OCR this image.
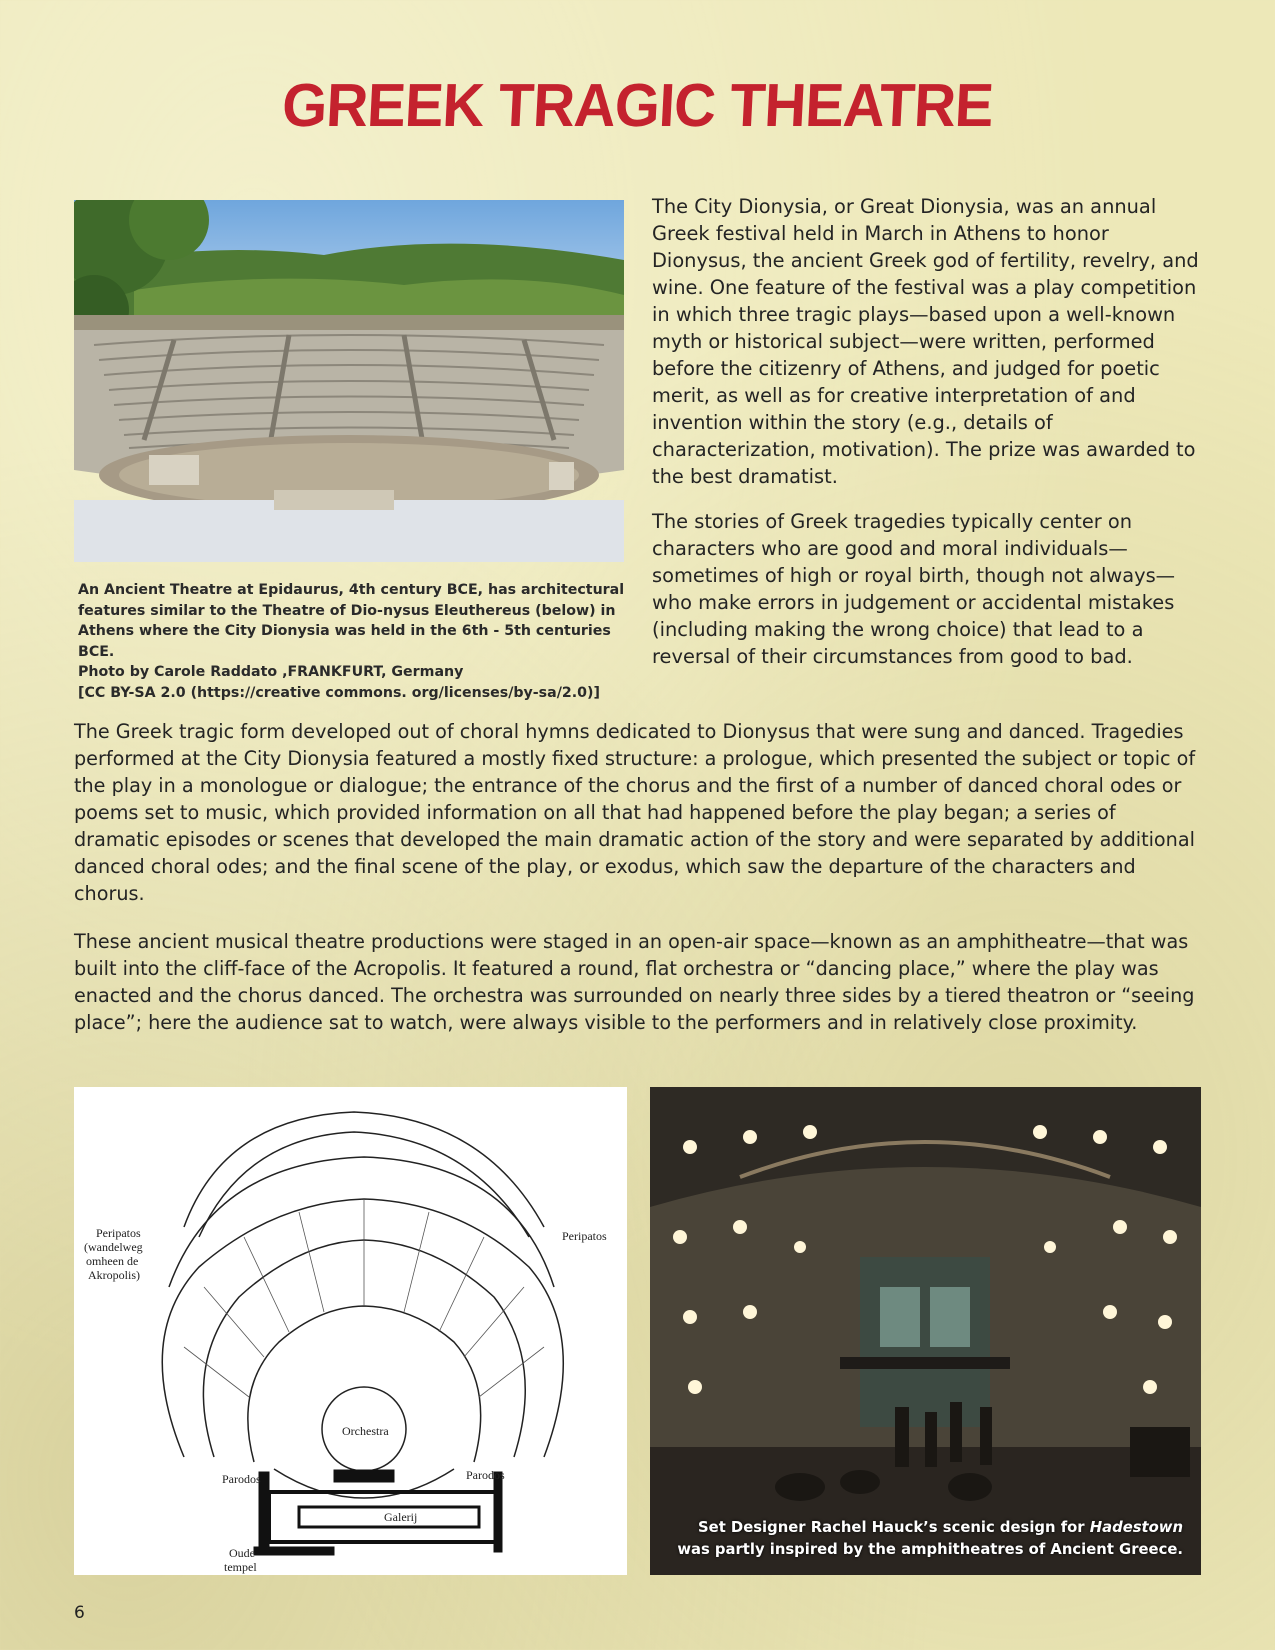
GREEK TRAGIC THEATRE
An Ancient Theatre at Epidaurus, 4th century BCE, has architectural
features similar to the Theatre of Dio-nysus Eleuthereus (below) in
Athens where the City Dionysia was held in the 6th - 5th centuries BCE.
Photo by Carole Raddato ,FRANKFURT, Germany
[CC BY-SA 2.0 (https://creative commons. org/licenses/by-sa/2.0)]

The City Dionysia, or Great Dionysia, was an annual Greek festival held in March in Athens to honor Dionysus, the ancient Greek god of fertility, revelry, and wine. One feature of the festival was a play competition in which three tragic plays—based upon a well-known myth or historical subject—were written, performed before the citizenry of Athens, and judged for poetic merit, as well as for creative interpretation of and invention within the story (e.g., details of characterization, motivation). The prize was awarded to the best dramatist.

The stories of Greek tragedies typically center on characters who are good and moral individuals—sometimes of high or royal birth, though not always—who make errors in judgement or accidental mistakes (including making the wrong choice) that lead to a reversal of their circumstances from good to bad.

The Greek tragic form developed out of choral hymns dedicated to Dionysus that were sung and danced. Tragedies performed at the City Dionysia featured a mostly fixed structure: a prologue, which presented the subject or topic of the play in a monologue or dialogue; the entrance of the chorus and the first of a number of danced choral odes or poems set to music, which provided information on all that had happened before the play began; a series of dramatic episodes or scenes that developed the main dramatic action of the story and were separated by additional danced choral odes; and the final scene of the play, or exodus, which saw the departure of the characters and chorus.

These ancient musical theatre productions were staged in an open-air space—known as an amphitheatre—that was built into the cliff-face of the Acropolis. It featured a round, flat orchestra or “dancing place,” where the play was enacted and the chorus danced. The orchestra was surrounded on nearly three sides by a tiered theatron or “seeing place”; here the audience sat to watch, were always visible to the performers and in relatively close proximity.

Orchestra
Parodos	Parodos
Galerij
Peripatos
(wandelweg
omheen de
Akropolis)
Peripatos
Oude
tempel
Set Designer Rachel Hauck’s scenic design for Hadestown
was partly inspired by the amphitheatres of Ancient Greece.
6
